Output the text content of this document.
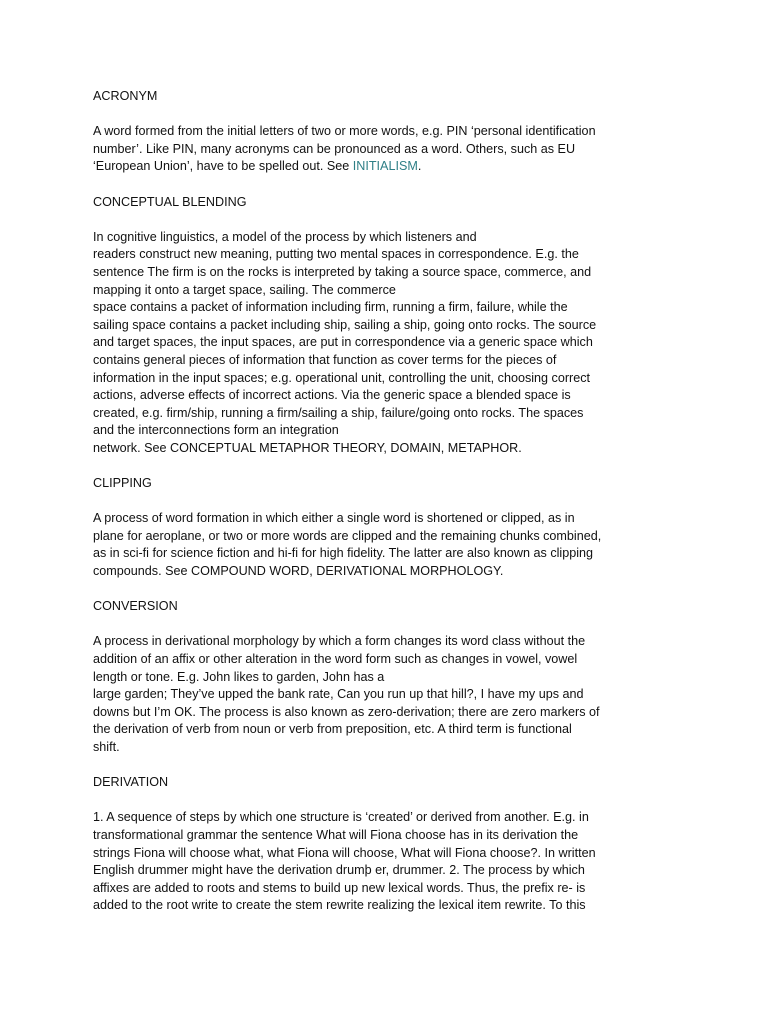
ACRONYM
A word formed from the initial letters of two or more words, e.g. PIN ‘personal identification
number’. Like PIN, many acronyms can be pronounced as a word. Others, such as EU
‘European Union’, have to be spelled out. See INITIALISM.
CONCEPTUAL BLENDING
In cognitive linguistics, a model of the process by which listeners and
readers construct new meaning, putting two mental spaces in correspondence. E.g. the
sentence The firm is on the rocks is interpreted by taking a source space, commerce, and
mapping it onto a target space, sailing. The commerce
space contains a packet of information including firm, running a firm, failure, while the
sailing space contains a packet including ship, sailing a ship, going onto rocks. The source
and target spaces, the input spaces, are put in correspondence via a generic space which
contains general pieces of information that function as cover terms for the pieces of
information in the input spaces; e.g. operational unit, controlling the unit, choosing correct
actions, adverse effects of incorrect actions. Via the generic space a blended space is
created, e.g. firm/ship, running a firm/sailing a ship, failure/going onto rocks. The spaces
and the interconnections form an integration
network. See CONCEPTUAL METAPHOR THEORY, DOMAIN, METAPHOR.
CLIPPING
A process of word formation in which either a single word is shortened or clipped, as in
plane for aeroplane, or two or more words are clipped and the remaining chunks combined,
as in sci-fi for science fiction and hi-fi for high fidelity. The latter are also known as clipping
compounds. See COMPOUND WORD, DERIVATIONAL MORPHOLOGY.
CONVERSION
A process in derivational morphology by which a form changes its word class without the
addition of an affix or other alteration in the word form such as changes in vowel, vowel
length or tone. E.g. John likes to garden, John has a
large garden; They’ve upped the bank rate, Can you run up that hill?, I have my ups and
downs but I’m OK. The process is also known as zero-derivation; there are zero markers of
the derivation of verb from noun or verb from preposition, etc. A third term is functional
shift.
DERIVATION
1. A sequence of steps by which one structure is ‘created’ or derived from another. E.g. in
transformational grammar the sentence What will Fiona choose has in its derivation the
strings Fiona will choose what, what Fiona will choose, What will Fiona choose?. In written
English drummer might have the derivation drumþ er, drummer. 2. The process by which
affixes are added to roots and stems to build up new lexical words. Thus, the prefix re- is
added to the root write to create the stem rewrite realizing the lexical item rewrite. To this
